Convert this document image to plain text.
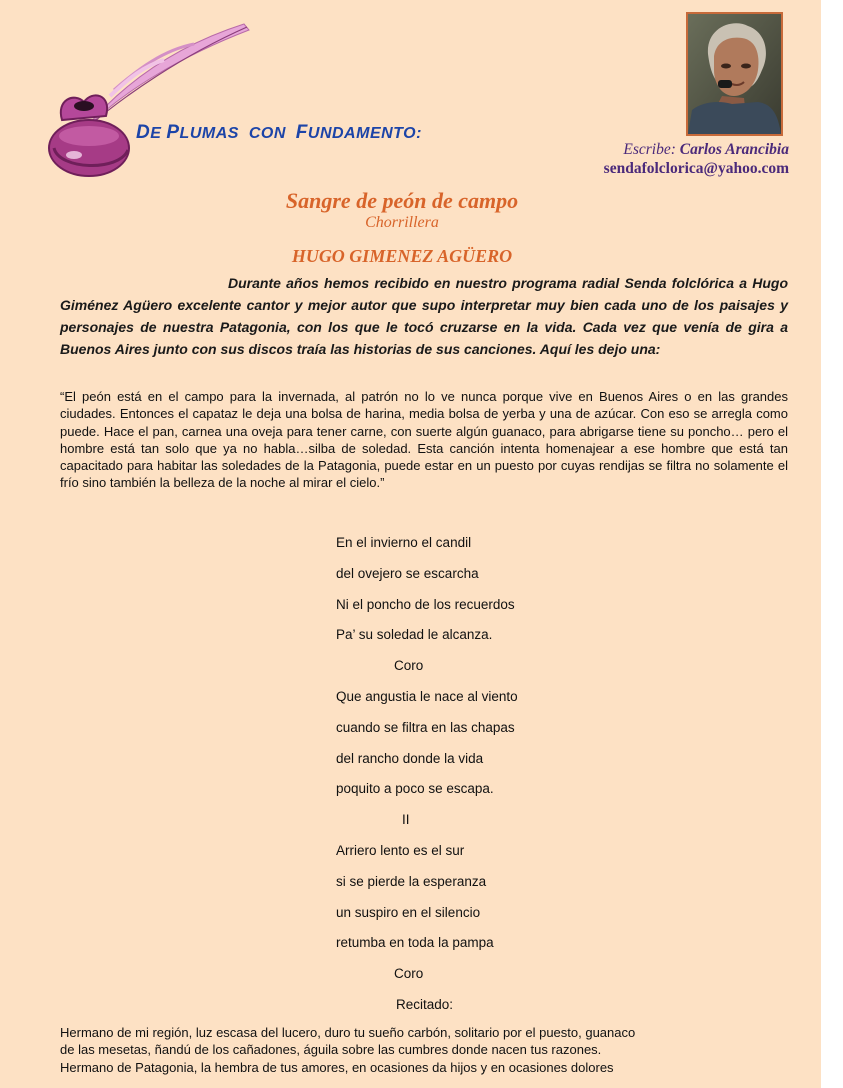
DE PLUMAS  CON  FUNDAMENTO:
Escribe: Carlos Arancibia
sendafolclorica@yahoo.com
Sangre de peón de campo
Chorrillera
HUGO GIMENEZ AGÜERO

Durante años hemos recibido en nuestro programa radial Senda folclórica a Hugo Giménez Agüero excelente cantor y mejor autor que supo interpretar muy bien cada uno de los paisajes y personajes de nuestra Patagonia, con los que le tocó cruzarse en la vida. Cada vez que venía de gira a Buenos Aires junto con sus discos traía las historias de sus canciones. Aquí les dejo una:

“El peón está en el campo para la invernada, al patrón no lo ve nunca porque vive en Buenos Aires o en las grandes ciudades. Entonces el capataz le deja una bolsa de harina, media bolsa de yerba y una de azúcar. Con eso se arregla como puede. Hace el pan, carnea una oveja para tener carne, con suerte algún guanaco, para abrigarse tiene su poncho… pero el hombre está tan solo que ya no habla…silba de soledad. Esta canción intenta homenajear a ese hombre que está tan capacitado para habitar las soledades de la Patagonia, puede estar en un puesto por cuyas rendijas se filtra no solamente el frío sino también la belleza de la noche al mirar el cielo.”

En el invierno el candil
del ovejero se escarcha
Ni el poncho de los recuerdos
Pa’ su soledad le alcanza.
Coro
Que angustia le nace al viento
cuando se filtra en las chapas
del rancho donde la vida
poquito a poco se escapa.
II
Arriero lento es el sur
si se pierde la esperanza
un suspiro en el silencio
retumba en toda la pampa
Coro
Recitado:
Hermano de mi región, luz escasa del lucero, duro tu sueño carbón, solitario por el puesto, guanaco
de las mesetas, ñandú de los cañadones, águila sobre las cumbres donde nacen tus razones.
Hermano de Patagonia, la hembra de tus amores, en ocasiones da hijos y en ocasiones dolores
